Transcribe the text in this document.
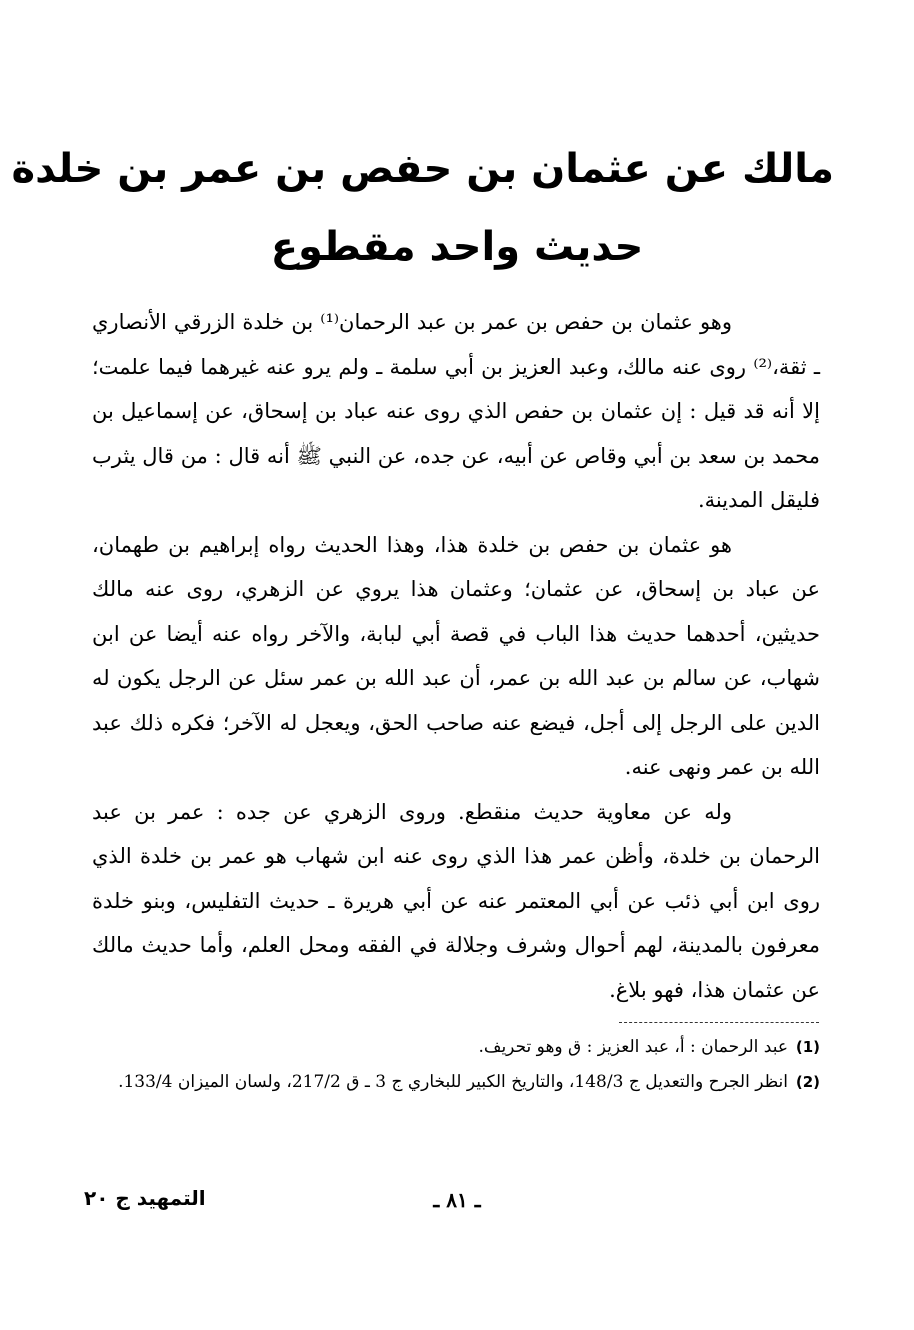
مالك عن عثمان بن حفص بن عمر بن خلدة
حديث واحد مقطوع

وهو عثمان بن حفص بن عمر بن عبد الرحمان⁽¹⁾ بن خلدة الزرقي الأنصاري ـ ثقة،⁽²⁾ روى عنه مالك، وعبد العزيز بن أبي سلمة ـ ولم يرو عنه غيرهما فيما علمت؛ إلا أنه قد قيل : إن عثمان بن حفص الذي روى عنه عباد بن إسحاق، عن إسماعيل بن محمد بن سعد بن أبي وقاص عن أبيه، عن جده، عن النبي ﷺ أنه قال : من قال يثرب فليقل المدينة.

هو عثمان بن حفص بن خلدة هذا، وهذا الحديث رواه إبراهيم بن طهمان، عن عباد بن إسحاق، عن عثمان؛ وعثمان هذا يروي عن الزهري، روى عنه مالك حديثين، أحدهما حديث هذا الباب في قصة أبي لبابة، والآخر رواه عنه أيضا عن ابن شهاب، عن سالم بن عبد الله بن عمر، أن عبد الله بن عمر سئل عن الرجل يكون له الدين على الرجل إلى أجل، فيضع عنه صاحب الحق، ويعجل له الآخر؛ فكره ذلك عبد الله بن عمر ونهى عنه.

وله عن معاوية حديث منقطع. وروى الزهري عن جده : عمر بن عبد الرحمان بن خلدة، وأظن عمر هذا الذي روى عنه ابن شهاب هو عمر بن خلدة الذي روى ابن أبي ذئب عن أبي المعتمر عنه عن أبي هريرة ـ حديث التفليس، وبنو خلدة معرفون بالمدينة، لهم أحوال وشرف وجلالة في الفقه ومحل العلم، وأما حديث مالك عن عثمان هذا، فهو بلاغ.

(1)
عبد الرحمان : أ، عبد العزيز : ق وهو تحريف.
(2)
انظر الجرح والتعديل ج 148/3، والتاريخ الكبير للبخاري ج 3 ـ ق 217/2، ولسان الميزان 133/4.
ـ ٨١ ـ
التمهيد ج ٢٠
